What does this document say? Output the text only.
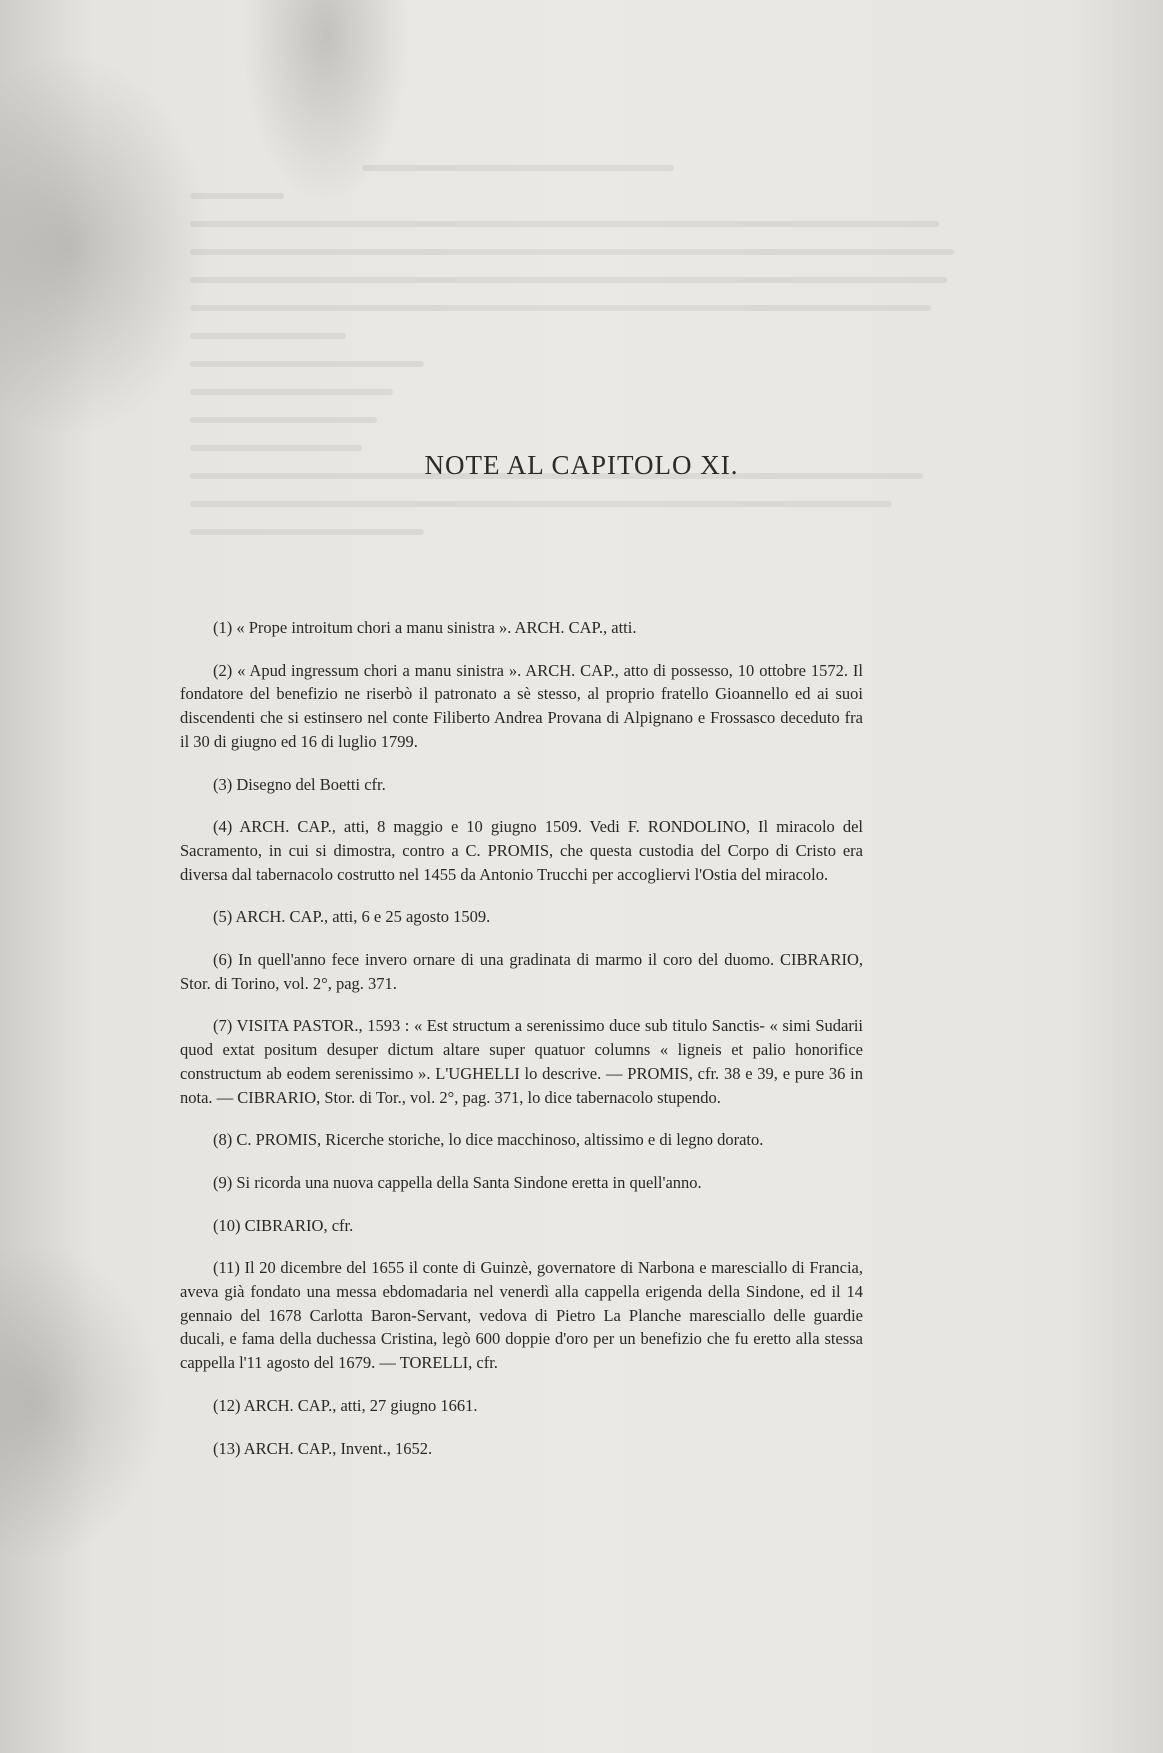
NOTE AL CAPITOLO XI.

(1) « Prope introitum chori a manu sinistra ». ARCH. CAP., atti.

(2) « Apud ingressum chori a manu sinistra ». ARCH. CAP., atto di possesso, 10 ottobre 1572. Il fondatore del benefizio ne riserbò il patronato a sè stesso, al proprio fratello Gioannello ed ai suoi discendenti che si estinsero nel conte Filiberto Andrea Provana di Alpignano e Frossasco deceduto fra il 30 di giugno ed 16 di luglio 1799.

(3) Disegno del Boetti cfr.

(4) ARCH. CAP., atti, 8 maggio e 10 giugno 1509. Vedi F. RONDOLINO, Il miracolo del Sacramento, in cui si dimostra, contro a C. PROMIS, che questa custodia del Corpo di Cristo era diversa dal tabernacolo costrutto nel 1455 da Antonio Trucchi per accogliervi l'Ostia del miracolo.

(5) ARCH. CAP., atti, 6 e 25 agosto 1509.

(6) In quell'anno fece invero ornare di una gradinata di marmo il coro del duomo. CIBRARIO, Stor. di Torino, vol. 2°, pag. 371.

(7) VISITA PASTOR., 1593 : « Est structum a serenissimo duce sub titulo Sanctis- « simi Sudarii quod extat positum desuper dictum altare super quatuor columns « ligneis et palio honorifice constructum ab eodem serenissimo ». L'UGHELLI lo descrive. — PROMIS, cfr. 38 e 39, e pure 36 in nota. — CIBRARIO, Stor. di Tor., vol. 2°, pag. 371, lo dice tabernacolo stupendo.

(8) C. PROMIS, Ricerche storiche, lo dice macchinoso, altissimo e di legno dorato.

(9) Si ricorda una nuova cappella della Santa Sindone eretta in quell'anno.

(10) CIBRARIO, cfr.

(11) Il 20 dicembre del 1655 il conte di Guinzè, governatore di Narbona e maresciallo di Francia, aveva già fondato una messa ebdomadaria nel venerdì alla cappella erigenda della Sindone, ed il 14 gennaio del 1678 Carlotta Baron-Servant, vedova di Pietro La Planche maresciallo delle guardie ducali, e fama della duchessa Cristina, legò 600 doppie d'oro per un benefizio che fu eretto alla stessa cappella l'11 agosto del 1679. — TORELLI, cfr.

(12) ARCH. CAP., atti, 27 giugno 1661.

(13) ARCH. CAP., Invent., 1652.
